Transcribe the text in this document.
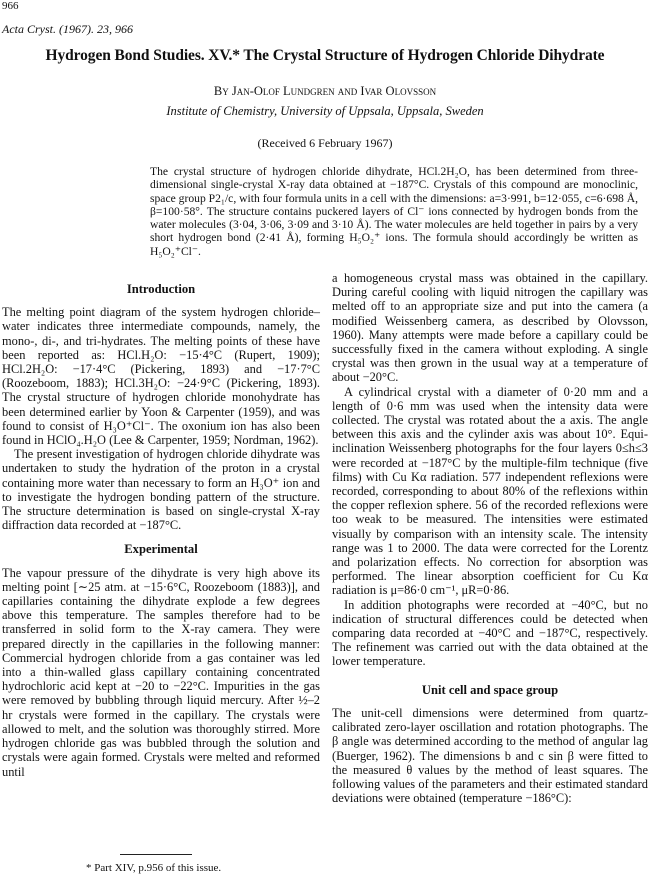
966
Acta Cryst. (1967). 23, 966
Hydrogen Bond Studies. XV.* The Crystal Structure of Hydrogen Chloride Dihydrate
By Jan-Olof Lundgren and Ivar Olovsson
Institute of Chemistry, University of Uppsala, Uppsala, Sweden
(Received 6 February 1967)
The crystal structure of hydrogen chloride dihydrate, HCl.2H₂O, has been determined from three-dimensional single-crystal X-ray data obtained at −187°C. Crystals of this compound are monoclinic, space group P2₁/c, with four formula units in a cell with the dimensions: a=3·991, b=12·055, c=6·698 Å, β=100·58°. The structure contains puckered layers of Cl⁻ ions connected by hydrogen bonds from the water molecules (3·04, 3·06, 3·09 and 3·10 Å). The water molecules are held together in pairs by a very short hydrogen bond (2·41 Å), forming H₅O₂⁺ ions. The formula should accordingly be written as H₅O₂⁺Cl⁻.
Introduction

The melting point diagram of the system hydrogen chloride–water indicates three intermediate compounds, namely, the mono-, di-, and tri-hydrates. The melting points of these have been reported as: HCl.H₂O: −15·4°C (Rupert, 1909); HCl.2H₂O: −17·4°C (Pickering, 1893) and −17·7°C (Roozeboom, 1883); HCl.3H₂O: −24·9°C (Pickering, 1893). The crystal structure of hydrogen chloride monohydrate has been determined earlier by Yoon & Carpenter (1959), and was found to consist of H₃O⁺Cl⁻. The oxonium ion has also been found in HClO₄.H₂O (Lee & Carpenter, 1959; Nordman, 1962).

The present investigation of hydrogen chloride dihydrate was undertaken to study the hydration of the proton in a crystal containing more water than necessary to form an H₃O⁺ ion and to investigate the hydrogen bonding pattern of the structure. The structure determination is based on single-crystal X-ray diffraction data recorded at −187°C.

Experimental

The vapour pressure of the dihydrate is very high above its melting point [∼25 atm. at −15·6°C, Roozeboom (1883)], and capillaries containing the dihydrate explode a few degrees above this temperature. The samples therefore had to be transferred in solid form to the X-ray camera. They were prepared directly in the capillaries in the following manner: Commercial hydrogen chloride from a gas container was led into a thin-walled glass capillary containing concentrated hydrochloric acid kept at −20 to −22°C. Impurities in the gas were removed by bubbling through liquid mercury. After ½–2 hr crystals were formed in the capillary. The crystals were allowed to melt, and the solution was thoroughly stirred. More hydrogen chloride gas was bubbled through the solution and crystals were again formed. Crystals were melted and reformed until

a homogeneous crystal mass was obtained in the capillary. During careful cooling with liquid nitrogen the capillary was melted off to an appropriate size and put into the camera (a modified Weissenberg camera, as described by Olovsson, 1960). Many attempts were made before a capillary could be successfully fixed in the camera without exploding. A single crystal was then grown in the usual way at a temperature of about −20°C.

A cylindrical crystal with a diameter of 0·20 mm and a length of 0·6 mm was used when the intensity data were collected. The crystal was rotated about the a axis. The angle between this axis and the cylinder axis was about 10°. Equi-inclination Weissenberg photographs for the four layers 0≤h≤3 were recorded at −187°C by the multiple-film technique (five films) with Cu Kα radiation. 577 independent reflexions were recorded, corresponding to about 80% of the reflexions within the copper reflexion sphere. 56 of the recorded reflexions were too weak to be measured. The intensities were estimated visually by comparison with an intensity scale. The intensity range was 1 to 2000. The data were corrected for the Lorentz and polarization effects. No correction for absorption was performed. The linear absorption coefficient for Cu Kα radiation is μ=86·0 cm⁻¹, μR=0·86.

In addition photographs were recorded at −40°C, but no indication of structural differences could be detected when comparing data recorded at −40°C and −187°C, respectively. The refinement was carried out with the data obtained at the lower temperature.

Unit cell and space group

The unit-cell dimensions were determined from quartz-calibrated zero-layer oscillation and rotation photographs. The β angle was determined according to the method of angular lag (Buerger, 1962). The dimensions b and c sin β were fitted to the measured θ values by the method of least squares. The following values of the parameters and their estimated standard deviations were obtained (temperature −186°C):

* Part XIV, p.956 of this issue.
